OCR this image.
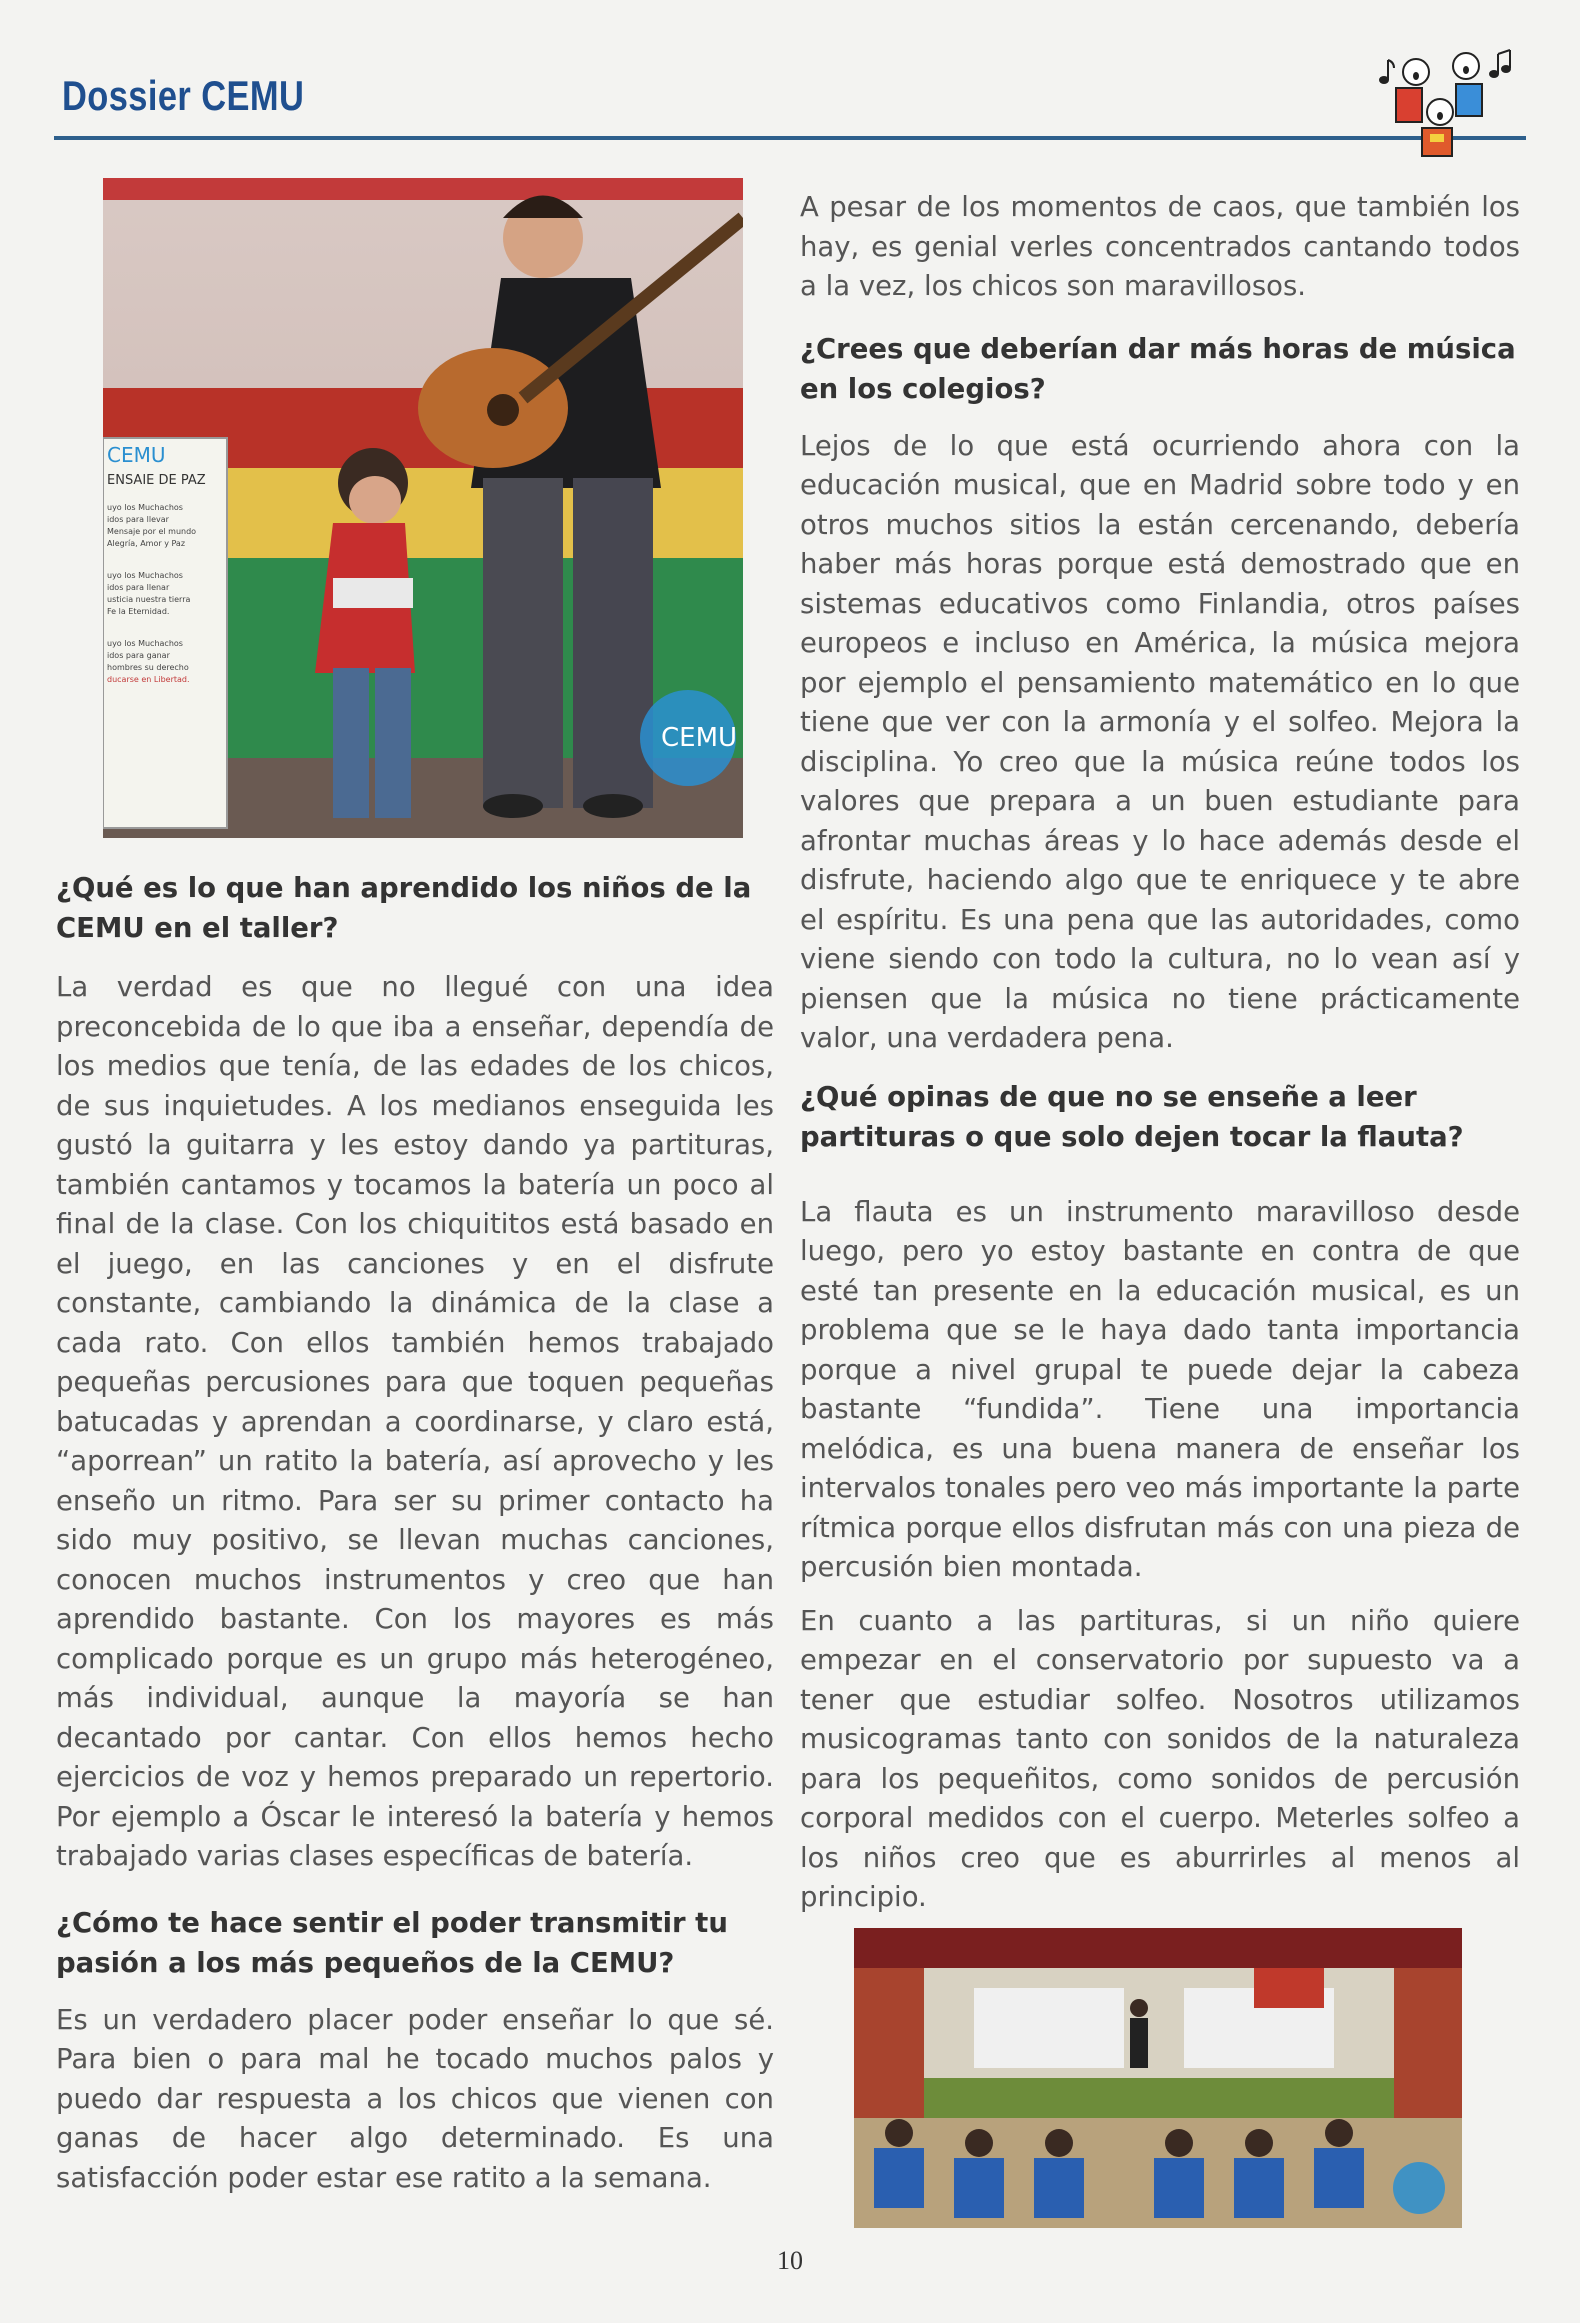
Dossier CEMU
CEMU
ENSAIE DE PAZ
uyo los Muchachos
idos para llevar
Mensaje por el mundo
Alegría, Amor y Paz
uyo los Muchachos
idos para llenar
usticia nuestra tierra
Fe la Eternidad.
uyo los Muchachos
idos para ganar
hombres su derecho
ducarse en Libertad.
CEMU
¿Qué es lo que han aprendido los niños de la CEMU en el taller?

La verdad es que no llegué con una idea preconcebida de lo que iba a enseñar, dependía de los medios que tenía, de las edades de los chicos, de sus inquietudes. A los medianos enseguida les gustó la guitarra y les estoy dando ya partituras, también cantamos y tocamos la batería un poco al final de la clase. Con los chiquititos está basado en el juego, en las canciones y en el disfrute constante, cambiando la dinámica de la clase a cada rato. Con ellos también hemos trabajado pequeñas percusiones para que toquen pequeñas batucadas y aprendan a coordinarse, y claro está, “aporrean” un ratito la batería, así aprovecho y les enseño un ritmo. Para ser su primer contacto ha sido muy positivo, se llevan muchas canciones, conocen muchos instrumentos y creo que han aprendido bastante. Con los mayores es más complicado porque es un grupo más heterogéneo, más individual, aunque la mayoría se han decantado por cantar. Con ellos hemos hecho ejercicios de voz y hemos preparado un repertorio. Por ejemplo a Óscar le interesó la batería y hemos trabajado varias clases específicas de batería.

¿Cómo te hace sentir el poder transmitir tu pasión a los más pequeños de la CEMU?

Es un verdadero placer poder enseñar lo que sé. Para bien o para mal he tocado muchos palos y puedo dar respuesta a los chicos que vienen con ganas de hacer algo determinado. Es una satisfacción poder estar ese ratito a la semana.

A pesar de los momentos de caos, que también los hay, es genial verles concentrados cantando todos a la vez, los chicos son maravillosos.

¿Crees que deberían dar más horas de música en los colegios?

Lejos de lo que está ocurriendo ahora con la educación musical, que en Madrid sobre todo y en otros muchos sitios la están cercenando, debería haber más horas porque está demostrado que en sistemas educativos como Finlandia, otros países europeos e incluso en América, la música mejora por ejemplo el pensamiento matemático en lo que tiene que ver con la armonía y el solfeo. Mejora la disciplina. Yo creo que la música reúne todos los valores que prepara a un buen estudiante para afrontar muchas áreas y lo hace además desde el disfrute, haciendo algo que te enriquece y te abre el espíritu. Es una pena que las autoridades, como viene siendo con todo la cultura, no lo vean así y piensen que la música no tiene prácticamente valor, una verdadera pena.

¿Qué opinas de que no se enseñe a leer partituras o que solo dejen tocar la flauta?

La flauta es un instrumento maravilloso desde luego, pero yo estoy bastante en contra de que esté tan presente en la educación musical, es un problema que se le haya dado tanta importancia porque a nivel grupal te puede dejar la cabeza bastante “fundida”. Tiene una importancia melódica, es una buena manera de enseñar los intervalos tonales pero veo más importante la parte rítmica porque ellos disfrutan más con una pieza de percusión bien montada.

En cuanto a las partituras, si un niño quiere empezar en el conservatorio por supuesto va a tener que estudiar solfeo. Nosotros utilizamos musicogramas tanto con sonidos de la naturaleza para los pequeñitos, como sonidos de percusión corporal medidos con el cuerpo. Meterles solfeo a los niños creo que es aburrirles al menos al principio.

10
